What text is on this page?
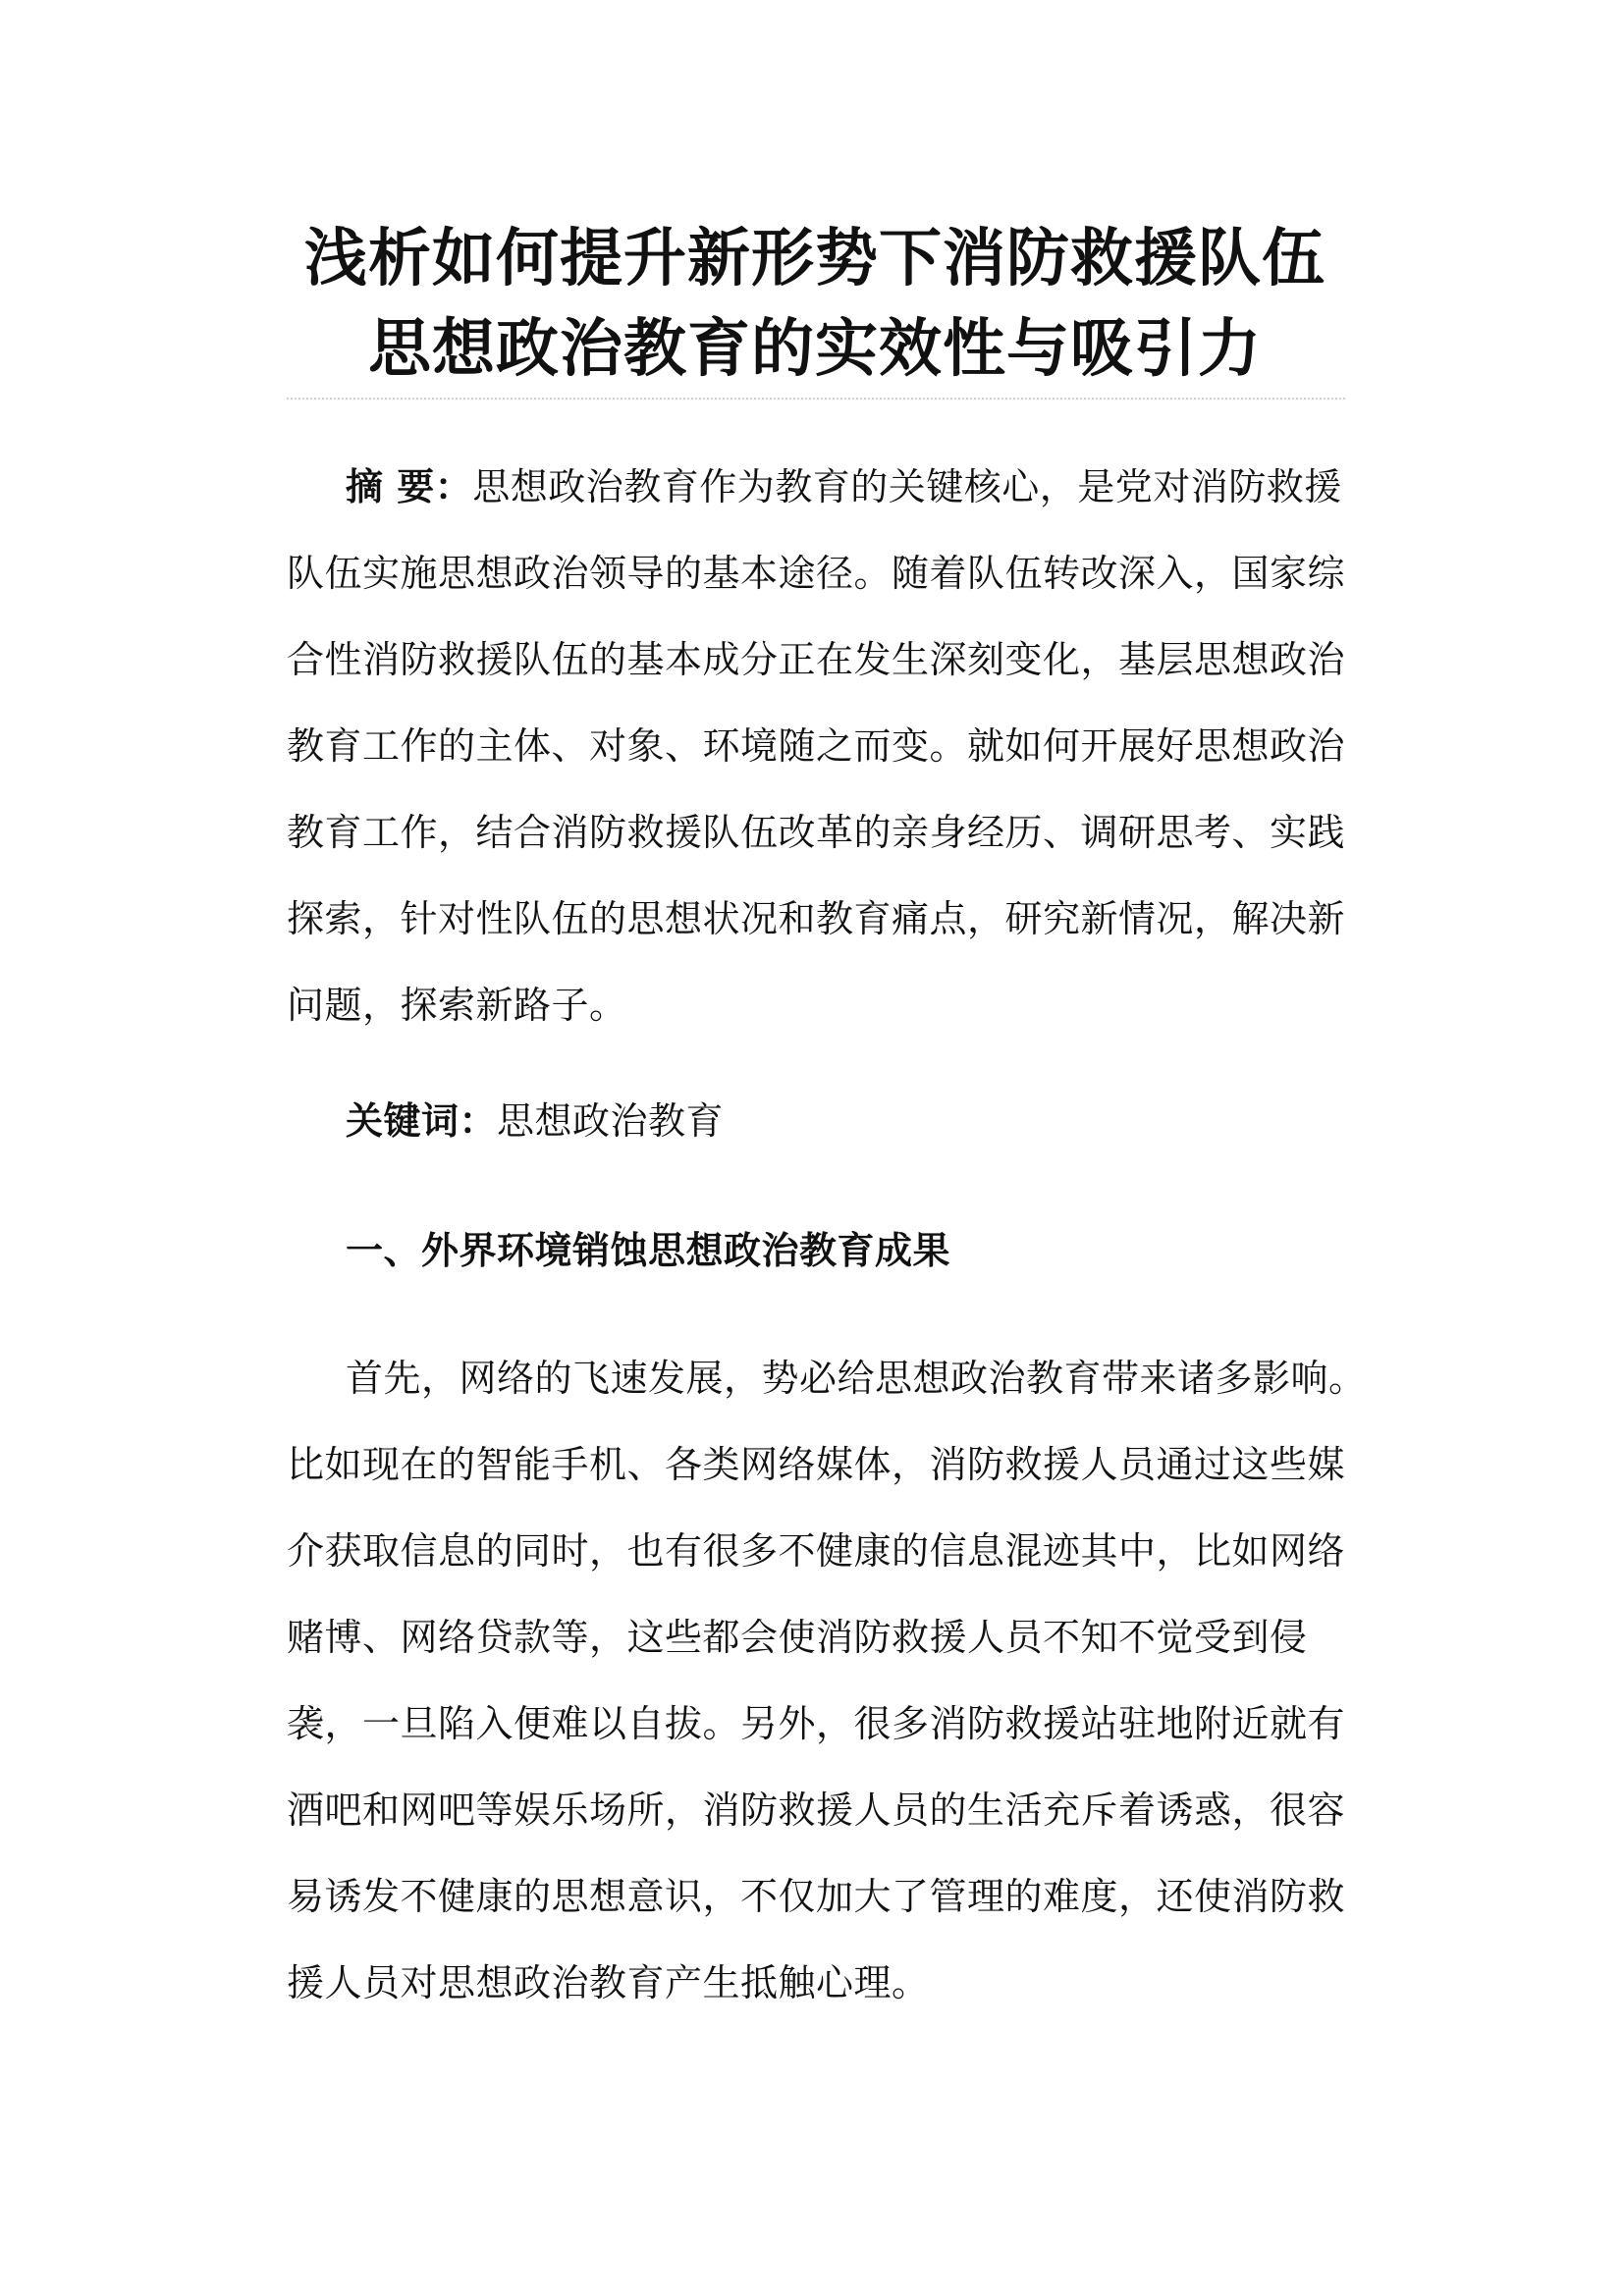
浅析如何提升新形势下消防救援队伍
思想政治教育的实效性与吸引力

摘 要：思想政治教育作为教育的关键核心，是党对消防救援队伍实施思想政治领导的基本途径。随着队伍转改深入，国家综合性消防救援队伍的基本成分正在发生深刻变化，基层思想政治教育工作的主体、对象、环境随之而变。就如何开展好思想政治教育工作，结合消防救援队伍改革的亲身经历、调研思考、实践探索，针对性队伍的思想状况和教育痛点，研究新情况，解决新问题，探索新路子。

关键词：思想政治教育

一、外界环境销蚀思想政治教育成果

首先，网络的飞速发展，势必给思想政治教育带来诸多影响。比如现在的智能手机、各类网络媒体，消防救援人员通过这些媒介获取信息的同时，也有很多不健康的信息混迹其中，比如网络赌博、网络贷款等，这些都会使消防救援人员不知不觉受到侵袭，一旦陷入便难以自拔。另外，很多消防救援站驻地附近就有酒吧和网吧等娱乐场所，消防救援人员的生活充斥着诱惑，很容易诱发不健康的思想意识，不仅加大了管理的难度，还使消防救援人员对思想政治教育产生抵触心理。
